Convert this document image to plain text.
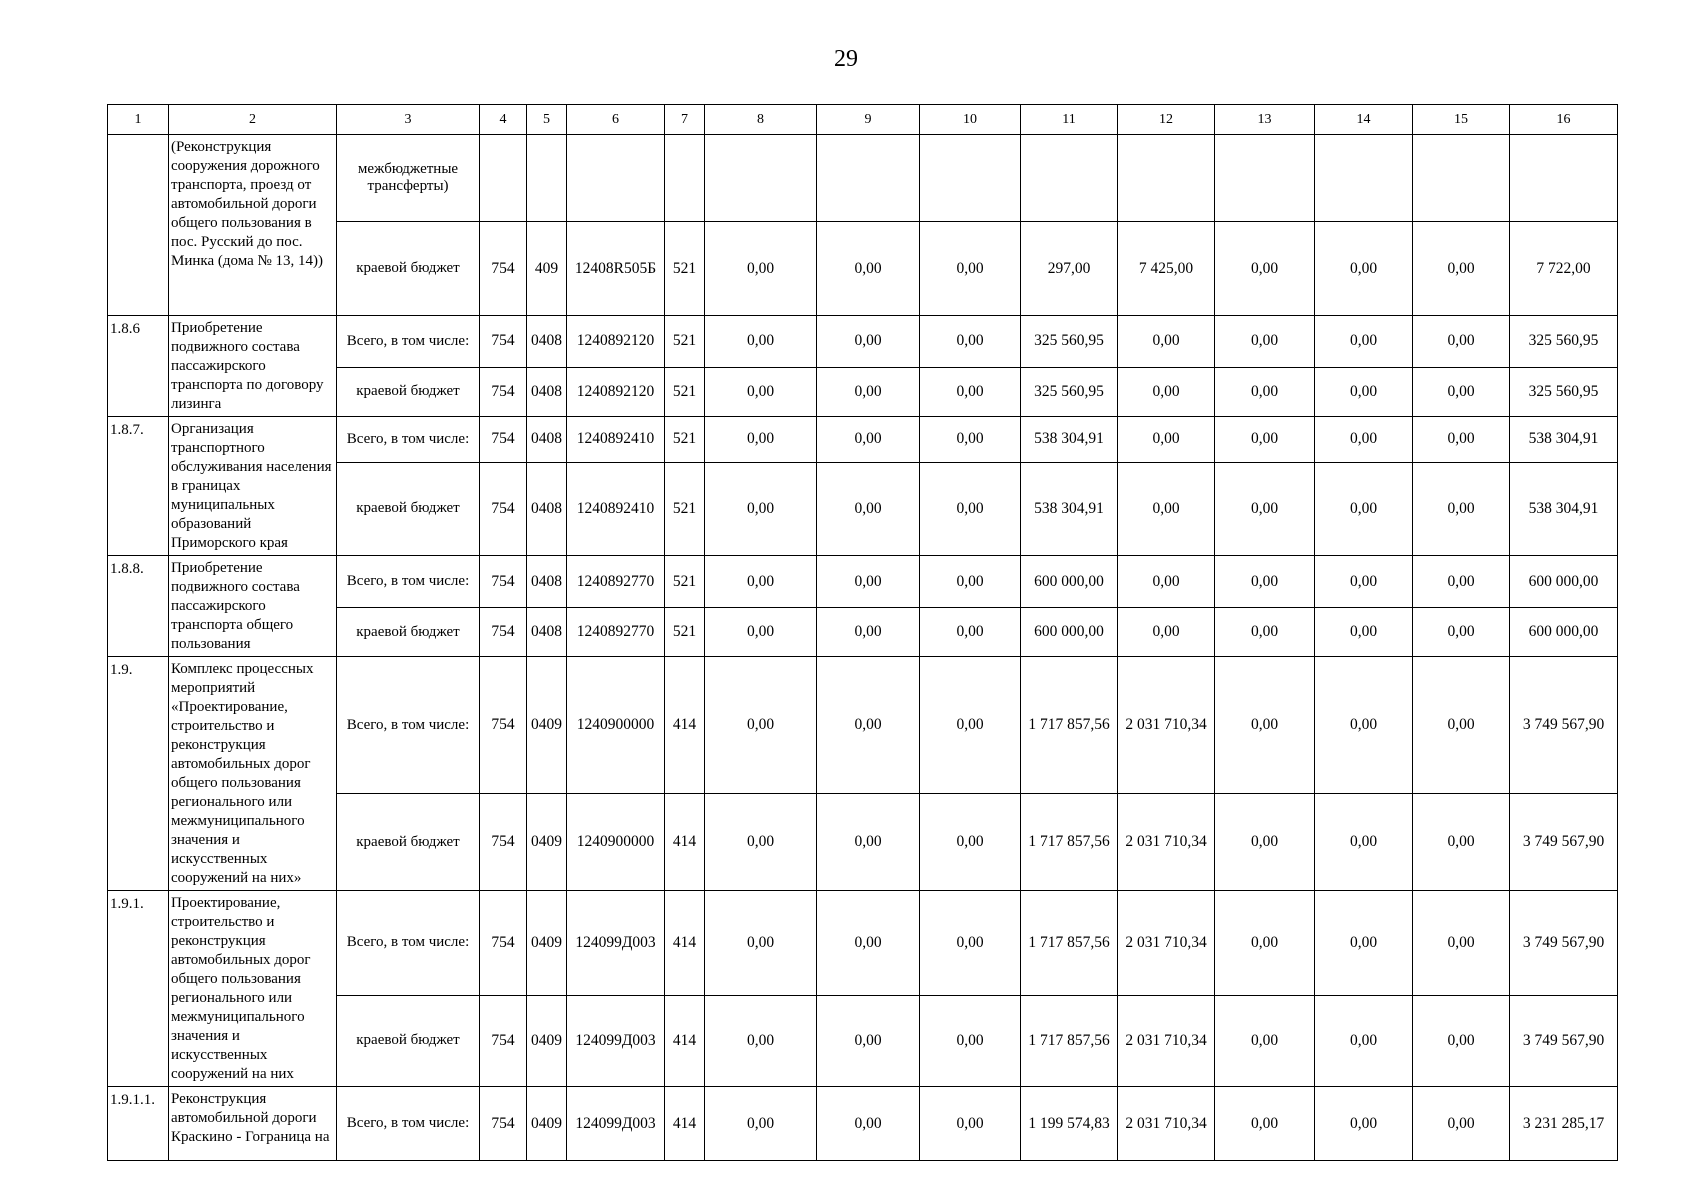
29
1	2	3	4	5	6	7	8	9	10	11	12	13	14	15	16
	(Реконструкция сооружения дорожного транспорта, проезд от автомобильной дороги общего пользования в пос. Русский до пос. Минка (дома № 13, 14))	межбюджетные трансферты)													
		краевой бюджет	754	409	12408R505Б	521	0,00	0,00	0,00	297,00	7 425,00	0,00	0,00	0,00	7 722,00
1.8.6	Приобретение подвижного состава пассажирского транспорта по договору лизинга	Всего, в том числе:	754	0408	1240892120	521	0,00	0,00	0,00	325 560,95	0,00	0,00	0,00	0,00	325 560,95
		краевой бюджет	754	0408	1240892120	521	0,00	0,00	0,00	325 560,95	0,00	0,00	0,00	0,00	325 560,95
1.8.7.	Организация транспортного обслуживания населения в границах муниципальных образований Приморского края	Всего, в том числе:	754	0408	1240892410	521	0,00	0,00	0,00	538 304,91	0,00	0,00	0,00	0,00	538 304,91
		краевой бюджет	754	0408	1240892410	521	0,00	0,00	0,00	538 304,91	0,00	0,00	0,00	0,00	538 304,91
1.8.8.	Приобретение подвижного состава пассажирского транспорта общего пользования	Всего, в том числе:	754	0408	1240892770	521	0,00	0,00	0,00	600 000,00	0,00	0,00	0,00	0,00	600 000,00
		краевой бюджет	754	0408	1240892770	521	0,00	0,00	0,00	600 000,00	0,00	0,00	0,00	0,00	600 000,00
1.9.	Комплекс процессных мероприятий «Проектирование, строительство и реконструкция автомобильных дорог общего пользования регионального или межмуниципального значения и искусственных сооружений на них»	Всего, в том числе:	754	0409	1240900000	414	0,00	0,00	0,00	1 717 857,56	2 031 710,34	0,00	0,00	0,00	3 749 567,90
		краевой бюджет	754	0409	1240900000	414	0,00	0,00	0,00	1 717 857,56	2 031 710,34	0,00	0,00	0,00	3 749 567,90
1.9.1.	Проектирование, строительство и реконструкция автомобильных дорог общего пользования регионального или межмуниципального значения и искусственных сооружений на них	Всего, в том числе:	754	0409	124099Д003	414	0,00	0,00	0,00	1 717 857,56	2 031 710,34	0,00	0,00	0,00	3 749 567,90
		краевой бюджет	754	0409	124099Д003	414	0,00	0,00	0,00	1 717 857,56	2 031 710,34	0,00	0,00	0,00	3 749 567,90
1.9.1.1.	Реконструкция автомобильной дороги Краскино - Гограница на	Всего, в том числе:	754	0409	124099Д003	414	0,00	0,00	0,00	1 199 574,83	2 031 710,34	0,00	0,00	0,00	3 231 285,17
